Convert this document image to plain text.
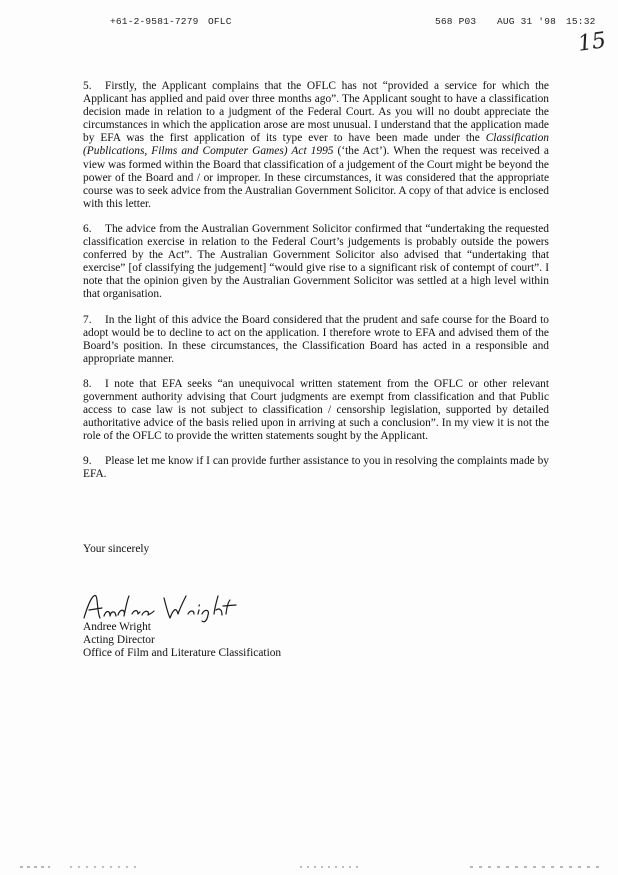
+61-2-9581-7279 OFLC	568 P03 AUG 31 '98 15:32
15

5. Firstly, the Applicant complains that the OFLC has not “provided a service for which the Applicant has applied and paid over three months ago”. The Applicant sought to have a classification decision made in relation to a judgment of the Federal Court. As you will no doubt appreciate the circumstances in which the application arose are most unusual. I understand that the application made by EFA was the first application of its type ever to have been made under the Classification (Publications, Films and Computer Games) Act 1995 (‘the Act’). When the request was received a view was formed within the Board that classification of a judgement of the Court might be beyond the power of the Board and / or improper. In these circumstances, it was considered that the appropriate course was to seek advice from the Australian Government Solicitor. A copy of that advice is enclosed with this letter.

6. The advice from the Australian Government Solicitor confirmed that “undertaking the requested classification exercise in relation to the Federal Court’s judgements is probably outside the powers conferred by the Act”. The Australian Government Solicitor also advised that “undertaking that exercise” [of classifying the judgement] “would give rise to a significant risk of contempt of court”. I note that the opinion given by the Australian Government Solicitor was settled at a high level within that organisation.

7. In the light of this advice the Board considered that the prudent and safe course for the Board to adopt would be to decline to act on the application. I therefore wrote to EFA and advised them of the Board’s position. In these circumstances, the Classification Board has acted in a responsible and appropriate manner.

8. I note that EFA seeks “an unequivocal written statement from the OFLC or other relevant government authority advising that Court judgments are exempt from classification and that Public access to case law is not subject to classification / censorship legislation, supported by detailed authoritative advice of the basis relied upon in arriving at such a conclusion”. In my view it is not the role of the OFLC to provide the written statements sought by the Applicant.

9. Please let me know if I can provide further assistance to you in resolving the complaints made by EFA.

Your sincerely
Andree Wright
Acting Director
Office of Film and Literature Classification
